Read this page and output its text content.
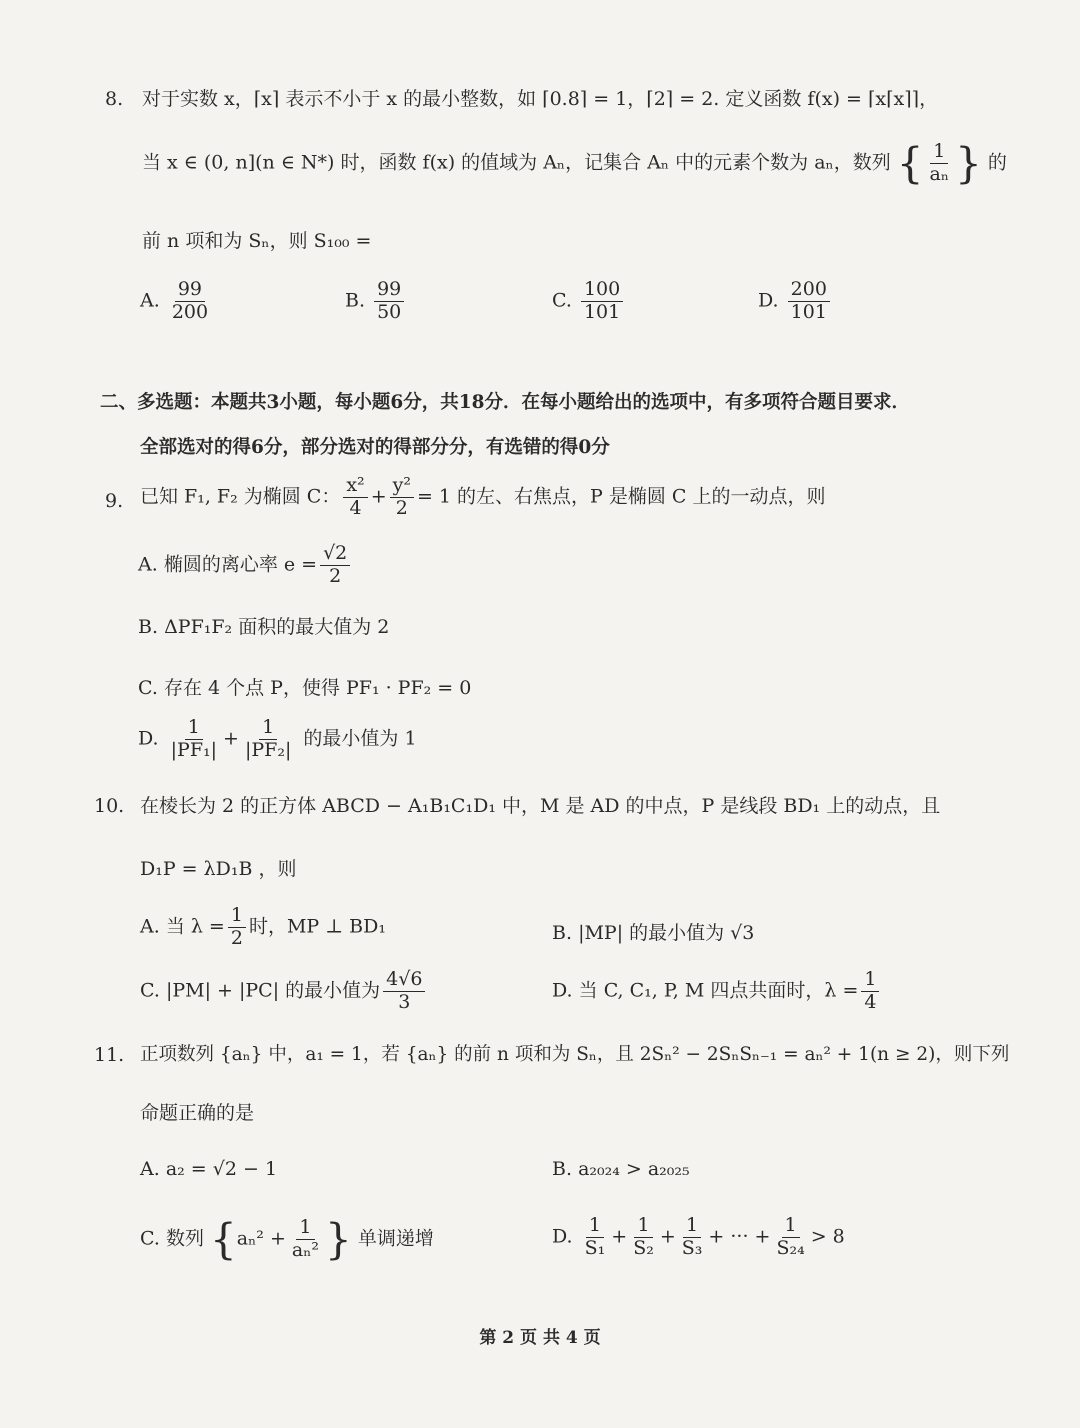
8. 对于实数 x，⌈x⌉ 表示不小于 x 的最小整数，如 ⌈0.8⌉ = 1，⌈2⌉ = 2. 定义函数 f(x) = ⌈x⌈x⌉⌉，
当 x ∈ (0, n](n ∈ N*) 时，函数 f(x) 的值域为 Aₙ，记集合 Aₙ 中的元素个数为 aₙ，数列 { $\frac{1}{\text{aₙ}}$ } 的
前 n 项和为 Sₙ，则 S₁₀₀ =
A. $\frac{99}{200}$	B. $\frac{99}{50}$	C. $\frac{100}{101}$	D. $\frac{200}{101}$
二、多选题：本题共3小题，每小题6分，共18分．在每小题给出的选项中，有多项符合题目要求．
全部选对的得6分，部分选对的得部分分，有选错的得0分
9. 已知 F₁, F₂ 为椭圆 C： $\frac{\text{x²}}{4} + \frac{\text{y²}}{2} = 1$ 的左、右焦点，P 是椭圆 C 上的一动点，则
A. 椭圆的离心率 $e = \frac{√2}{2}$
B. ΔPF₁F₂ 面积的最大值为 2
C. 存在 4 个点 P，使得 PF₁ · PF₂ = 0
D. $\frac{1}{\text{|PF₁|}} + \frac{1}{\text{|PF₂|}}$ 的最小值为 1
10. 在棱长为 2 的正方体 ABCD − A₁B₁C₁D₁ 中，M 是 AD 的中点，P 是线段 BD₁ 上的动点，且
D₁P = λD₁B ，则
A. 当 $\lambda = \frac{1}{2}$ 时，MP ⊥ BD₁	B. |MP| 的最小值为 √3
C. |PM| + |PC| 的最小值为 $\frac{4√6}{3}$	D. 当 C, C₁, P, M 四点共面时，$\lambda = \frac{1}{4}$
11. 正项数列 {aₙ} 中，a₁ = 1，若 {aₙ} 的前 n 项和为 Sₙ，且 2Sₙ² − 2SₙSₙ₋₁ = aₙ² + 1(n ≥ 2)，则下列
命题正确的是
A. a₂ = √2 − 1	B. a₂₀₂₄ > a₂₀₂₅
C. 数列 {$a_n^2 + \frac{1}{\text{aₙ²}}$ } 单调递增	D. $\frac{1}{\text{S₁}} + \frac{1}{\text{S₂}} + \frac{1}{\text{S₃}}$ + ··· + $\frac{1}{\text{S₂₄}} > 8$
第 2 页 共 4 页
